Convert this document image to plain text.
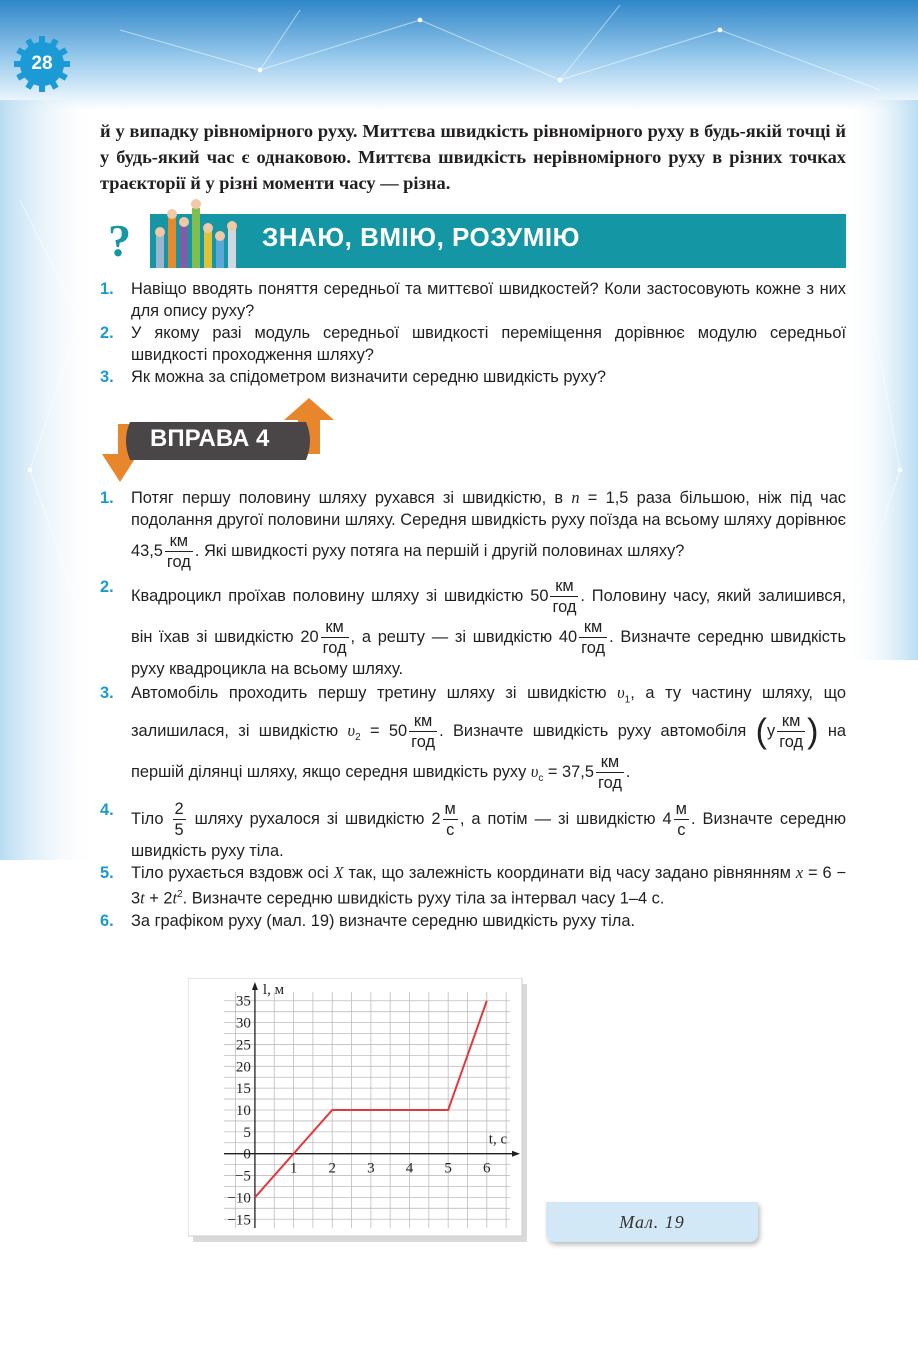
28

й у випадку рівномірного руху. Миттєва швидкість рівномірного руху в будь-якій точці й у будь-який час є однаковою. Миттєва швидкість нерівномірного руху в різних точках траєкторії й у різні моменти часу — різна.

?	ЗНАЮ, ВМІЮ, РОЗУМІЮ
1. Навіщо вводять поняття середньої та миттєвої швидкостей? Коли застосовують кожне з них для опису руху?
2. У якому разі модуль середньої швидкості переміщення дорівнює модулю середньої швидкості проходження шляху?
3. Як можна за спідометром визначити середню швидкість руху?
ВПРАВА 4
1. Потяг першу половину шляху рухався зі швидкістю, в n = 1,5 раза більшою, ніж під час подолання другої половини шляху. Середня швидкість руху поїзда на всьому шляху дорівнює $43,5 \frac{км}{\text{год}}$ . Які швидкості руху потяга на першій і другій половинах шляху?
2. Квадроцикл проїхав половину шляху зі швидкістю $50 \frac{км}{\text{год}}$ . Половину часу, який залишився, він їхав зі швидкістю $20 \frac{км}{\text{год}}$ , а решту — зі швидкістю $40 \frac{км}{\text{год}}$ . Визначте середню швидкість руху квадроцикла на всьому шляху.
3. Автомобіль проходить першу третину шляху зі швидкістю $\upsilon_1$, а ту частину шляху, що залишилася, зі швидкістю $\upsilon_2 = 50 \frac{км}{\text{год}}$ . Визначте швидкість руху автомобіля ($у \frac{км}{\text{год}}$ ) на першій ділянці шляху, якщо середня швидкість руху $\upsilon_с = 37,5 \frac{км}{\text{год}}$ .
4. Тіло $\frac{2}{5}$ шляху рухалося зі швидкістю $2 \frac{м}{с}$ , а потім — зі швидкістю $4 \frac{м}{с}$ . Визначте середню швидкість руху тіла.
5. Тіло рухається вздовж осі X так, що залежність координати від часу задано рівнянням $x = 6 - 3t + 2t^2$. Визначте середню швидкість руху тіла за інтервал часу 1–4 с.
6. За графіком руху (мал. 19) визначте середню швидкість руху тіла.
35
30
25
20
15
10
5
0
−5
−10
−15
1 2 3 4 5 6
l, м
t, с
Мал. 19
